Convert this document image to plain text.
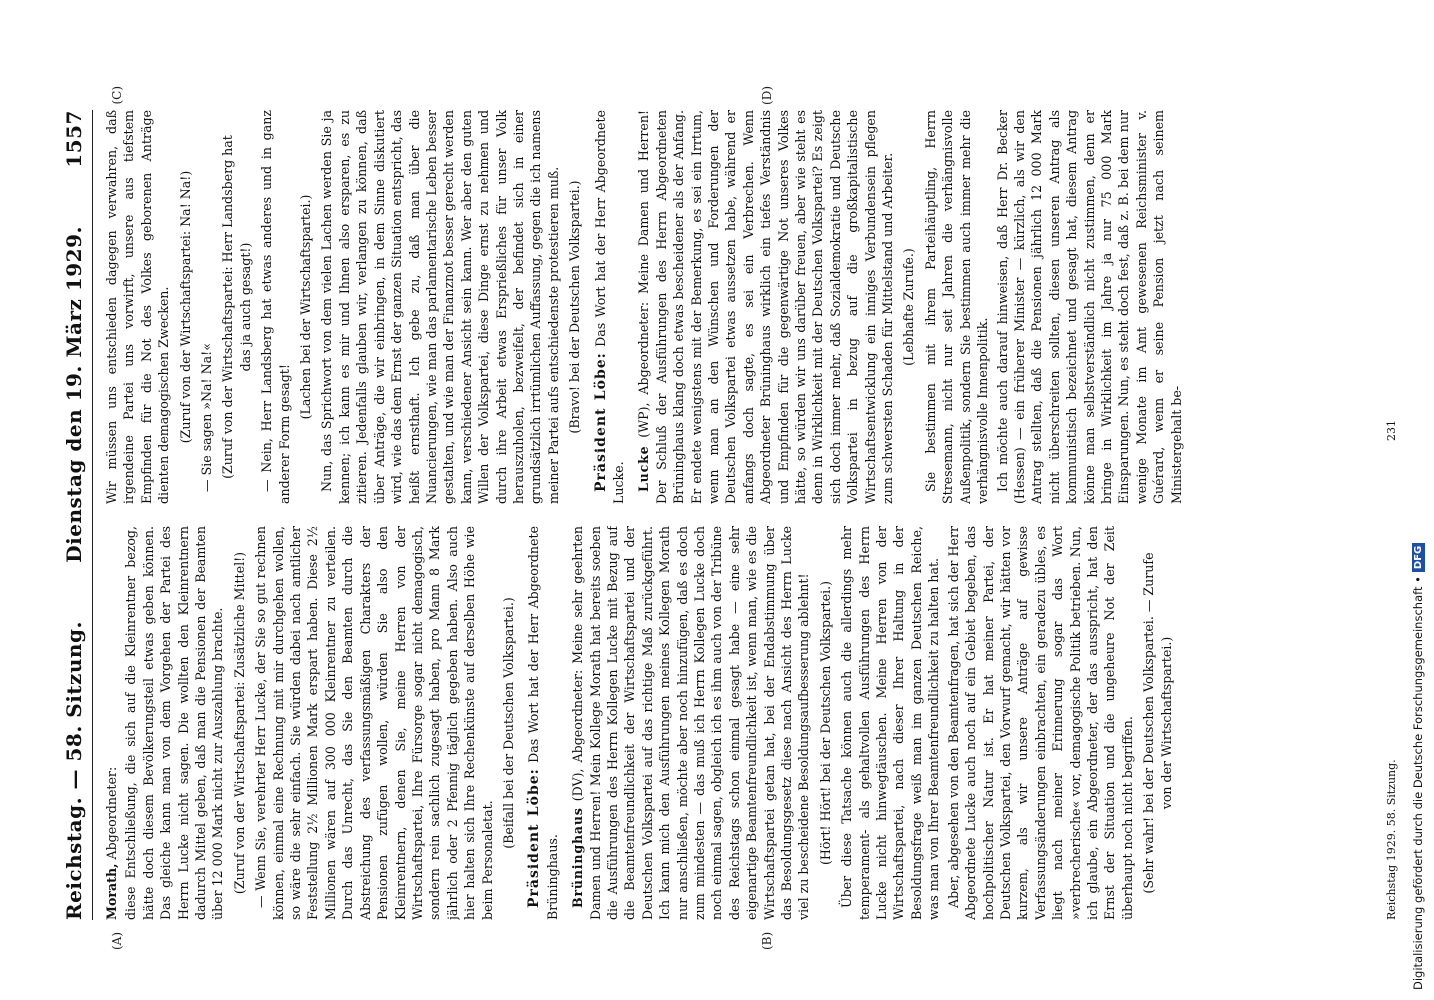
Reichstag. — 58. Sitzung.
Dienstag den 19. März 1929.
1557

Morath, Abgeordneter: diese Entschließung, die sich auf die Kleinrentner bezog, hätte doch diesem Bevölkerungsteil etwas geben können. Das gleiche kann man von dem Vorgehen der Partei des Herrn Lucke nicht sagen. Die wollten den Kleinrentnern dadurch Mittel geben, daß man die Pensionen der Beamten über 12 000 Mark nicht zur Auszahlung brachte. (Zuruf von der Wirtschaftspartei: Zusätzliche Mittel!) — Wenn Sie, verehrter Herr Lucke, der Sie so gut rechnen können, einmal eine Rechnung mit mir durchgehen wollen, so wäre die sehr einfach. Sie würden dabei nach amtlicher Feststellung 2½ Millionen Mark erspart haben. Diese 2½ Millionen wären auf 300 000 Kleinrentner zu verteilen. Durch das Unrecht, das Sie den Beamten durch die Abstreichung des verfassungsmäßigen Charakters der Pensionen zufügen wollen, würden Sie also den Kleinrentnern, denen Sie, meine Herren von der Wirtschaftspartei, Ihre Fürsorge sogar nicht demagogisch, sondern rein sachlich zugesagt haben, pro Mann 8 Mark jährlich oder 2 Pfennig täglich gegeben haben. Also auch hier halten sich Ihre Rechenkünste auf derselben Höhe wie beim Personaletat.

(Beifall bei der Deutschen Volkspartei.) Präsident Löbe: Das Wort hat der Herr Abgeordnete Brüninghaus. Brüninghaus (DV), Abgeordneter: Meine sehr geehrten Damen und Herren! Mein Kollege Morath hat bereits soeben die Ausführungen des Herrn Kollegen Lucke mit Bezug auf die Beamtenfreundlichkeit der Wirtschaftspartei und der Deutschen Volkspartei auf das richtige Maß zurückgeführt. Ich kann mich den Ausführungen meines Kollegen Morath nur anschließen, möchte aber noch hinzufügen, daß es doch zum mindesten — das muß ich Herrn Kollegen Lucke doch noch einmal sagen, obgleich ich es ihm auch von der Tribüne des Reichstags schon einmal gesagt habe — eine sehr eigenartige Beamtenfreundlichkeit ist, wenn man, wie es die Wirtschaftspartei getan hat, bei der Endabstimmung über das Besoldungsgesetz diese nach Ansicht des Herrn Lucke viel zu bescheidene Besoldungsaufbesserung ablehnt! (Hört! Hört! bei der Deutschen Volkspartei.) Über diese Tatsache können auch die allerdings mehr temperament- als gehaltvollen Ausführungen des Herrn Lucke nicht hinwegtäuschen. Meine Herren von der Wirtschaftspartei, nach dieser Ihrer Haltung in der Besoldungsfrage weiß man im ganzen Deutschen Reiche, was man von Ihrer Beamtenfreundlichkeit zu halten hat. Aber, abgesehen von den Beamtenfragen, hat sich der Herr Abgeordnete Lucke auch noch auf ein Gebiet begeben, das hochpolitischer Natur ist. Er hat meiner Partei, der Deutschen Volkspartei, den Vorwurf gemacht, wir hätten vor kurzem, als wir unsere Anträge auf gewisse Verfassungsänderungen einbrachten, ein geradezu übles, es liegt nach meiner Erinnerung sogar das Wort »verbrecherische« vor, demagogische Politik betrieben. Nun, ich glaube, ein Abgeordneter, der das ausspricht, hat den Ernst der Situation und die ungeheure Not der Zeit überhaupt noch nicht begriffen. (Sehr wahr! bei der Deutschen Volkspartei. — Zurufe von der Wirtschaftspartei.)

Wir müssen uns entschieden dagegen verwahren, daß irgendeine Partei uns vorwirft, unsere aus tiefstem Empfinden für die Not des Volkes geborenen Anträge dienten demagogischen Zwecken. (Zuruf von der Wirtschaftspartei: Na! Na!) — Sie sagen »Na! Na!« (Zuruf von der Wirtschaftspartei: Herr Landsberg hat das ja auch gesagt!) — Nein, Herr Landsberg hat etwas anderes und in ganz anderer Form gesagt!

(Lachen bei der Wirtschaftspartei.) Nun, das Sprichwort von dem vielen Lachen werden Sie ja kennen; ich kann es mir und Ihnen also ersparen, es zu zitieren. Jedenfalls glauben wir, verlangen zu können, daß über Anträge, die wir einbringen, in dem Sinne diskutiert wird, wie das dem Ernst der ganzen Situation entspricht, das heißt ernsthaft. Ich gebe zu, daß man über die Nuancierungen, wie man das parlamentarische Leben besser gestalten, und wie man der Finanznot besser gerecht werden kann, verschiedener Ansicht sein kann. Wer aber den guten Willen der Volkspartei, diese Dinge ernst zu nehmen und durch ihre Arbeit etwas Ersprießliches für unser Volk herauszuholen, bezweifelt, der befindet sich in einer grundsätzlich irrtümlichen Auffassung, gegen die ich namens meiner Partei aufs entschiedenste protestieren muß. (Bravo! bei der Deutschen Volkspartei.) Präsident Löbe: Das Wort hat der Herr Abgeordnete Lucke. Lucke (WP), Abgeordneter: Meine Damen und Herren! Der Schluß der Ausführungen des Herrn Abgeordneten Brüninghaus klang doch etwas bescheidener als der Anfang. Er endete wenigstens mit der Bemerkung, es sei ein Irrtum, wenn man an den Wünschen und Forderungen der Deutschen Volkspartei etwas aussetzen habe, während er anfangs doch sagte, es sei ein Verbrechen. Wenn Abgeordneter Brüninghaus wirklich ein tiefes Verständnis und Empfinden für die gegenwärtige Not unseres Volkes hätte, so würden wir uns darüber freuen, aber wie steht es denn in Wirklichkeit mit der Deutschen Volkspartei? Es zeigt sich doch immer mehr, daß Sozialdemokratie und Deutsche Volkspartei in bezug auf die großkapitalistische Wirtschaftsentwicklung ein inniges Verbundensein pflegen zum schwersten Schaden für Mittelstand und Arbeiter. (Lebhafte Zurufe.) Sie bestimmen mit ihrem Parteihäuptling, Herrn Stresemann, nicht nur seit Jahren die verhängnisvolle Außenpolitik, sondern Sie bestimmen auch immer mehr die verhängnisvolle Innenpolitik. Ich möchte auch darauf hinweisen, daß Herr Dr. Becker (Hessen) — ein früherer Minister — kürzlich, als wir den Antrag stellten, daß die Pensionen jährlich 12 000 Mark nicht überschreiten sollten, diesen unseren Antrag als kommunistisch bezeichnet und gesagt hat, diesem Antrag könne man selbstverständlich nicht zustimmen, denn er bringe in Wirklichkeit im Jahre ja nur 75 000 Mark Einsparungen. Nun, es steht doch fest, daß z. B. bei dem nur wenige Monate im Amt gewesenen Reichsminister v. Guérard, wenn er seine Pension jetzt nach seinem Ministergehalt be-

(A)	(B)
(C)	(D)
Reichstag 1929. 58. Sitzung.
231
Digitalisierung gefördert durch die Deutsche Forschungsgemeinschaft •
DFG
